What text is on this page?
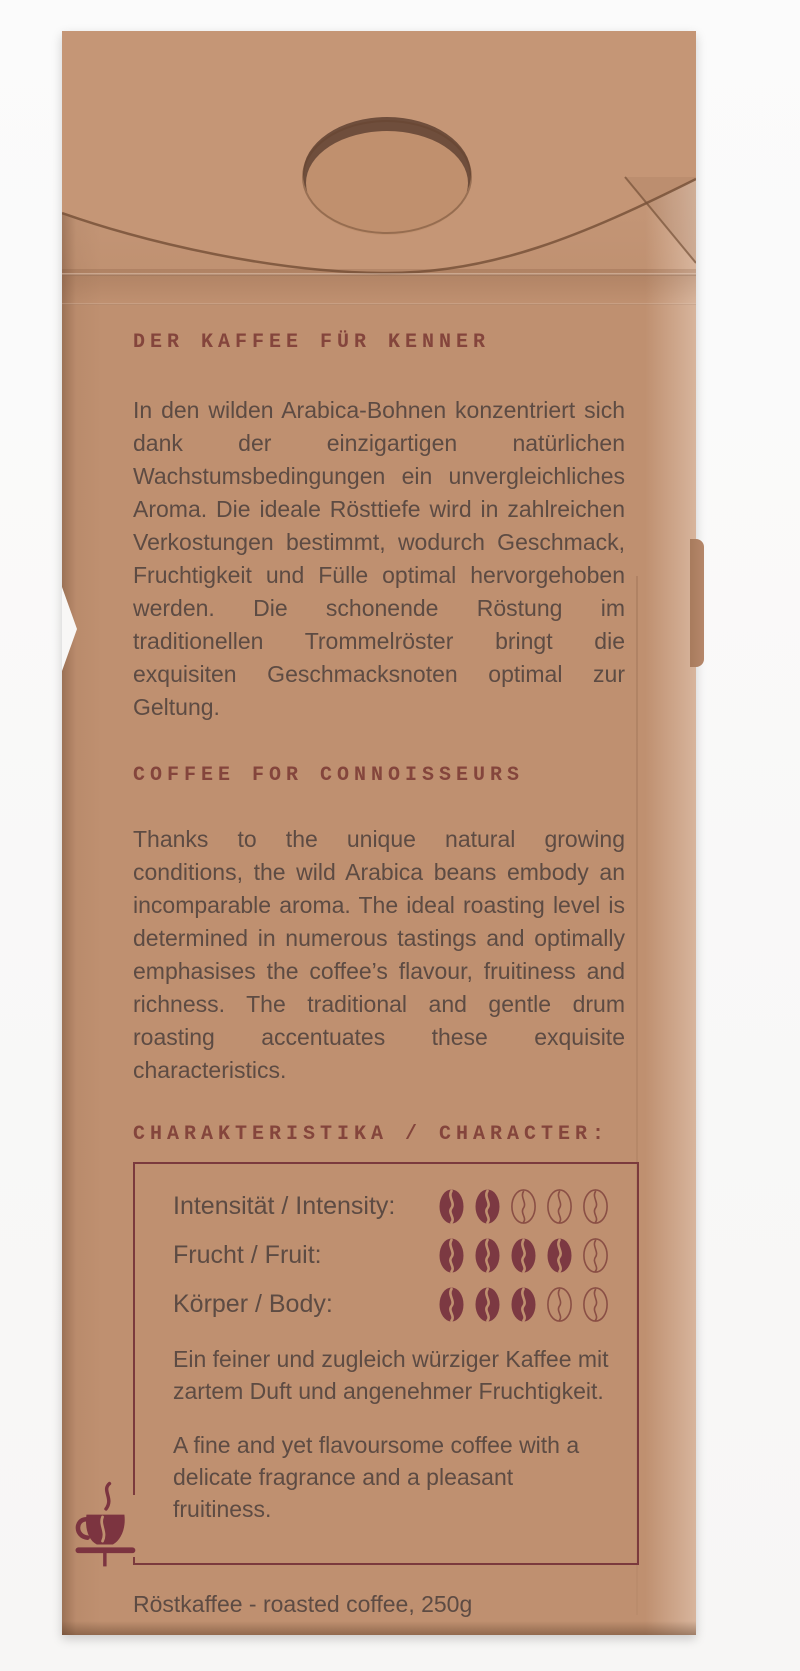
DER KAFFEE FÜR KENNER

In den wilden Arabica-Bohnen konzentriert sich dank der einzigartigen natürlichen Wachstumsbedingungen ein unvergleichliches Aroma. Die ideale Rösttiefe wird in zahlreichen Verkostungen bestimmt, wodurch Geschmack, Fruchtigkeit und Fülle optimal hervorgehoben werden. Die schonende Röstung im traditionellen Trommelröster bringt die exquisiten Geschmacksnoten optimal zur Geltung.

COFFEE FOR CONNOISSEURS

Thanks to the unique natural growing conditions, the wild Arabica beans embody an incomparable aroma. The ideal roasting level is determined in numerous tastings and optimally emphasises the coffee’s flavour, fruitiness and richness. The traditional and gentle drum roasting accentuates these exquisite characteristics.

CHARAKTERISTIKA / CHARACTER:
Intensität / Intensity:
Frucht / Fruit:
Körper / Body:

Ein feiner und zugleich würziger Kaffee mit zartem Duft und angenehmer Fruchtigkeit.

A fine and yet flavoursome coffee with a delicate fragrance and a pleasant fruitiness.

Röstkaffee - roasted coffee, 250g
